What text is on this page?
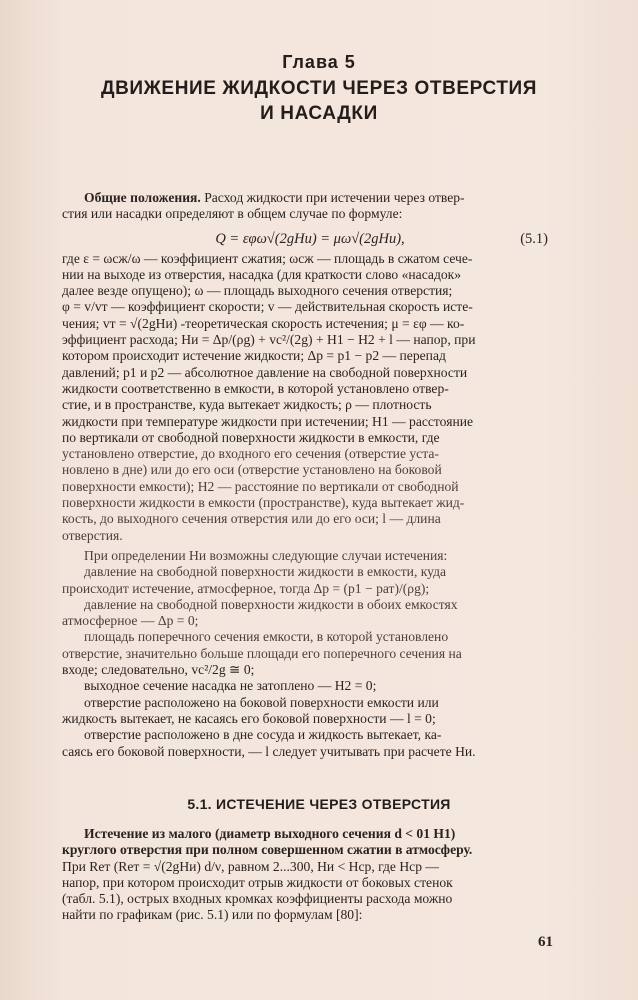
Глава 5
ДВИЖЕНИЕ ЖИДКОСТИ ЧЕРЕЗ ОТВЕРСТИЯ
И НАСАДКИ
Общие положения. Расход жидкости при истечении через отвер-
стия или насадки определяют в общем случае по формуле:
Q = εφω√(2gHи) = μω√(2gHи),	(5.1)
где ε = ωсж/ω — коэффициент сжатия; ωсж — площадь в сжатом сече-
нии на выходе из отверстия, насадка (для краткости слово «насадок»
далее везде опущено); ω — площадь выходного сечения отверстия;
φ = v/vт — коэффициент скорости; v — действительная скорость исте-
чения; vт = √(2gHи) -теоретическая скорость истечения; μ = εφ — ко-
эффициент расхода; Hи = Δp/(ρg) + vс²/(2g) + H1 − H2 + l — напор, при
котором происходит истечение жидкости; Δp = p1 − p2 — перепад
давлений; p1 и p2 — абсолютное давление на свободной поверхности
жидкости соответственно в емкости, в которой установлено отвер-
стие, и в пространстве, куда вытекает жидкость; ρ — плотность
жидкости при температуре жидкости при истечении; H1 — расстояние
по вертикали от свободной поверхности жидкости в емкости, где
установлено отверстие, до входного его сечения (отверстие уста-
новлено в дне) или до его оси (отверстие установлено на боковой
поверхности емкости); H2 — расстояние по вертикали от свободной
поверхности жидкости в емкости (пространстве), куда вытекает жид-
кость, до выходного сечения отверстия или до его оси; l — длина
отверстия.
При определении Hи возможны следующие случаи истечения:
давление на свободной поверхности жидкости в емкости, куда
происходит истечение, атмосферное, тогда Δp = (p1 − pат)/(ρg);
давление на свободной поверхности жидкости в обоих емкостях
атмосферное — Δp = 0;
площадь поперечного сечения емкости, в которой установлено
отверстие, значительно больше площади его поперечного сечения на
входе; следовательно, vс²/2g ≅ 0;
выходное сечение насадка не затоплено — H2 = 0;
отверстие расположено на боковой поверхности емкости или
жидкость вытекает, не касаясь его боковой поверхности — l = 0;
отверстие расположено в дне сосуда и жидкость вытекает, ка-
саясь его боковой поверхности, — l следует учитывать при расчете Hи.
5.1. ИСТЕЧЕНИЕ ЧЕРЕЗ ОТВЕРСТИЯ
Истечение из малого (диаметр выходного сечения d < 01 H1)
круглого отверстия при полном совершенном сжатии в атмосферу.
При Reт (Reт = √(2gHи) d/ν, равном 2...300, Hи < Hср, где Hср —
напор, при котором происходит отрыв жидкости от боковых стенок
(табл. 5.1), острых входных кромках коэффициенты расхода можно
найти по графикам (рис. 5.1) или по формулам [80]:
61
